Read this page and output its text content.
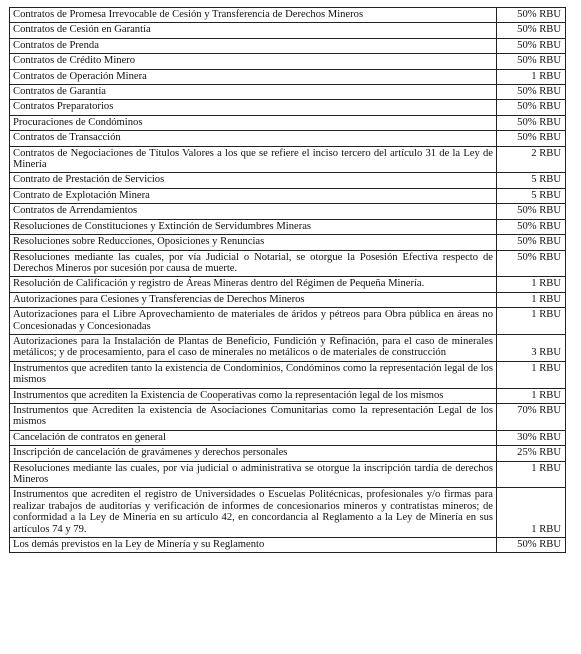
Contratos de Promesa Irrevocable de Cesión y Transferencia de Derechos Mineros	50% RBU
Contratos de Cesión en Garantía	50% RBU
Contratos de Prenda	50% RBU
Contratos de Crédito Minero	50% RBU
Contratos de Operación Minera	1 RBU
Contratos de Garantía	50% RBU
Contratos Preparatorios	50% RBU
Procuraciones de Condóminos	50% RBU
Contratos de Transacción	50% RBU
Contratos de Negociaciones de Títulos Valores a los que se refiere el inciso tercero del artículo 31 de la Ley de Minería	2 RBU
Contrato de Prestación de Servicios	5 RBU
Contrato de Explotación Minera	5 RBU
Contratos de Arrendamientos	50% RBU
Resoluciones de Constituciones y Extinción de Servidumbres Mineras	50% RBU
Resoluciones sobre Reducciones, Oposiciones y Renuncias	50% RBU
Resoluciones mediante las cuales, por vía Judicial o Notarial, se otorgue la Posesión Efectiva respecto de Derechos Mineros por sucesión por causa de muerte.	50% RBU
Resolución de Calificación y registro de Áreas Mineras dentro del Régimen de Pequeña Minería.	1 RBU
Autorizaciones para Cesiones y Transferencias de Derechos Mineros	1 RBU
Autorizaciones para el Libre Aprovechamiento de materiales de áridos y pétreos para Obra pública en áreas no Concesionadas y Concesionadas	1 RBU
Autorizaciones para la Instalación de Plantas de Beneficio, Fundición y Refinación, para el caso de minerales metálicos; y de procesamiento, para el caso de minerales no metálicos o de materiales de construcción	3 RBU
Instrumentos que acrediten tanto la existencia de Condominios, Condóminos como la representación legal de los mismos	1 RBU
Instrumentos que acrediten la Existencia de Cooperativas como la representación legal de los mismos	1 RBU
Instrumentos que Acrediten la existencia de Asociaciones Comunitarias como la representación Legal de los mismos	70% RBU
Cancelación de contratos en general	30% RBU
Inscripción de cancelación de gravámenes y derechos personales	25% RBU
Resoluciones mediante las cuales, por vía judicial o administrativa se otorgue la inscripción tardía de derechos Mineros	1 RBU
Instrumentos que acrediten el registro de Universidades o Escuelas Politécnicas, profesionales y/o firmas para realizar trabajos de auditorías y verificación de informes de concesionarios mineros y contratistas mineros; de conformidad a la Ley de Minería en su artículo 42, en concordancia al Reglamento a la Ley de Minería en sus artículos 74 y 79.	1 RBU
Los demás previstos en la Ley de Minería y su Reglamento	50% RBU
